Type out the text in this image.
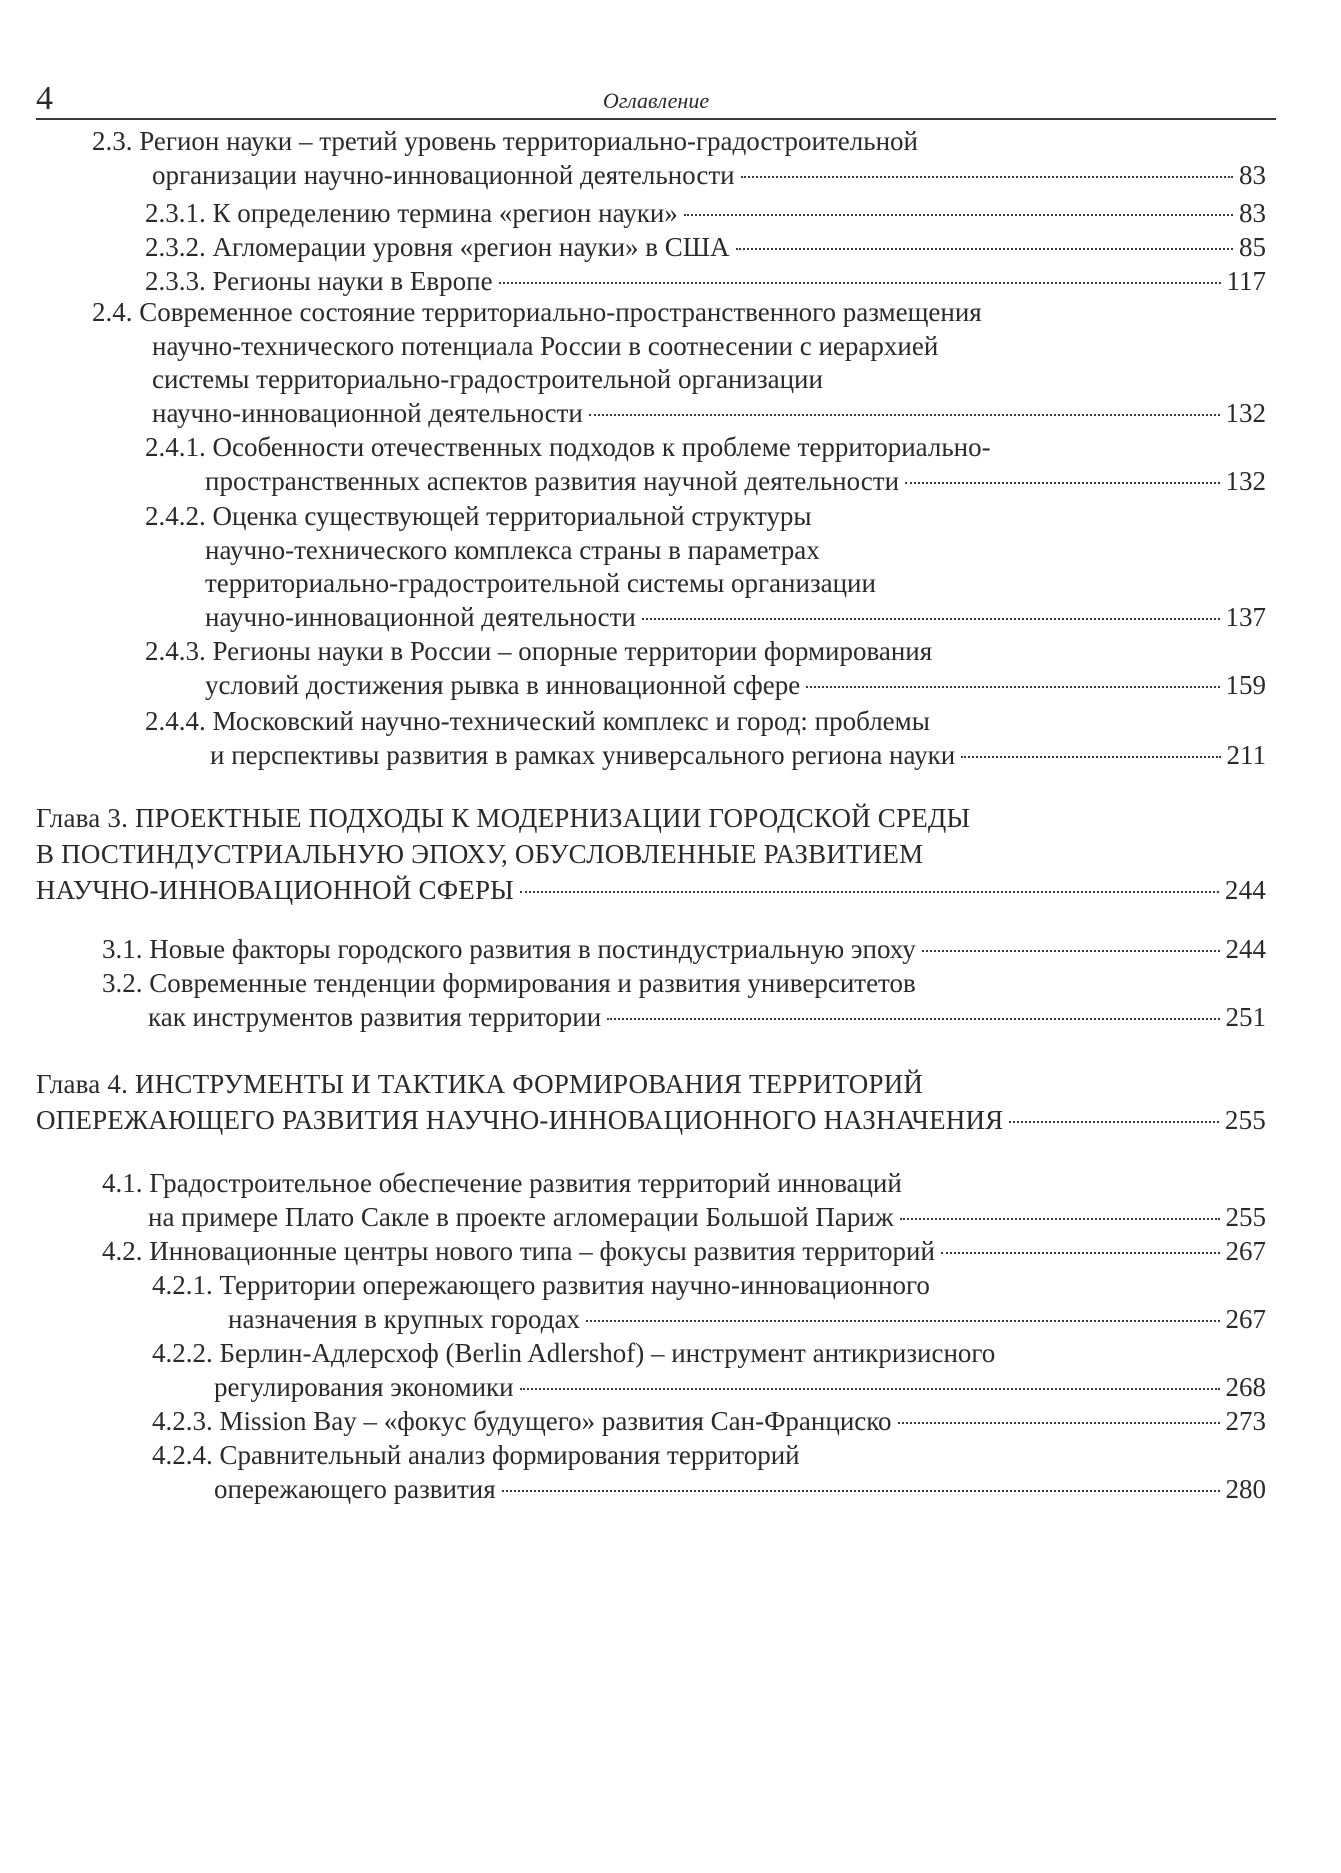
4	Оглавление
2.3. Регион науки – третий уровень территориально-градостроительной
организации научно-инновационной деятельности	83
2.3.1. К определению термина «регион науки»	83
2.3.2. Агломерации уровня «регион науки» в США	85
2.3.3. Регионы науки в Европе	117
2.4. Современное состояние территориально-пространственного размещения
научно-технического потенциала России в соотнесении с иерархией
системы территориально-градостроительной организации
научно-инновационной деятельности	132
2.4.1. Особенности отечественных подходов к проблеме территориально-
пространственных аспектов развития научной деятельности	132
2.4.2. Оценка существующей территориальной структуры
научно-технического комплекса страны в параметрах
территориально-градостроительной системы организации
научно-инновационной деятельности	137
2.4.3. Регионы науки в России – опорные территории формирования
условий достижения рывка в инновационной сфере	159
2.4.4. Московский научно-технический комплекс и город: проблемы
и перспективы развития в рамках универсального региона науки	211
Глава 3. ПРОЕКТНЫЕ ПОДХОДЫ К МОДЕРНИЗАЦИИ ГОРОДСКОЙ СРЕДЫ
В ПОСТИНДУСТРИАЛЬНУЮ ЭПОХУ, ОБУСЛОВЛЕННЫЕ РАЗВИТИЕМ
НАУЧНО-ИННОВАЦИОННОЙ СФЕРЫ	244
3.1. Новые факторы городского развития в постиндустриальную эпоху	244
3.2. Современные тенденции формирования и развития университетов
как инструментов развития территории	251
Глава 4. ИНСТРУМЕНТЫ И ТАКТИКА ФОРМИРОВАНИЯ ТЕРРИТОРИЙ
ОПЕРЕЖАЮЩЕГО РАЗВИТИЯ НАУЧНО-ИННОВАЦИОННОГО НАЗНАЧЕНИЯ	255
4.1. Градостроительное обеспечение развития территорий инноваций
на примере Плато Сакле в проекте агломерации Большой Париж	255
4.2. Инновационные центры нового типа – фокусы развития территорий	267
4.2.1. Территории опережающего развития научно-инновационного
назначения в крупных городах	267
4.2.2. Берлин-Адлерсхоф (Berlin Adlershof) – инструмент антикризисного
регулирования экономики	268
4.2.3. Mission Bay – «фокус будущего» развития Сан-Франциско	273
4.2.4. Сравнительный анализ формирования территорий
опережающего развития	280
